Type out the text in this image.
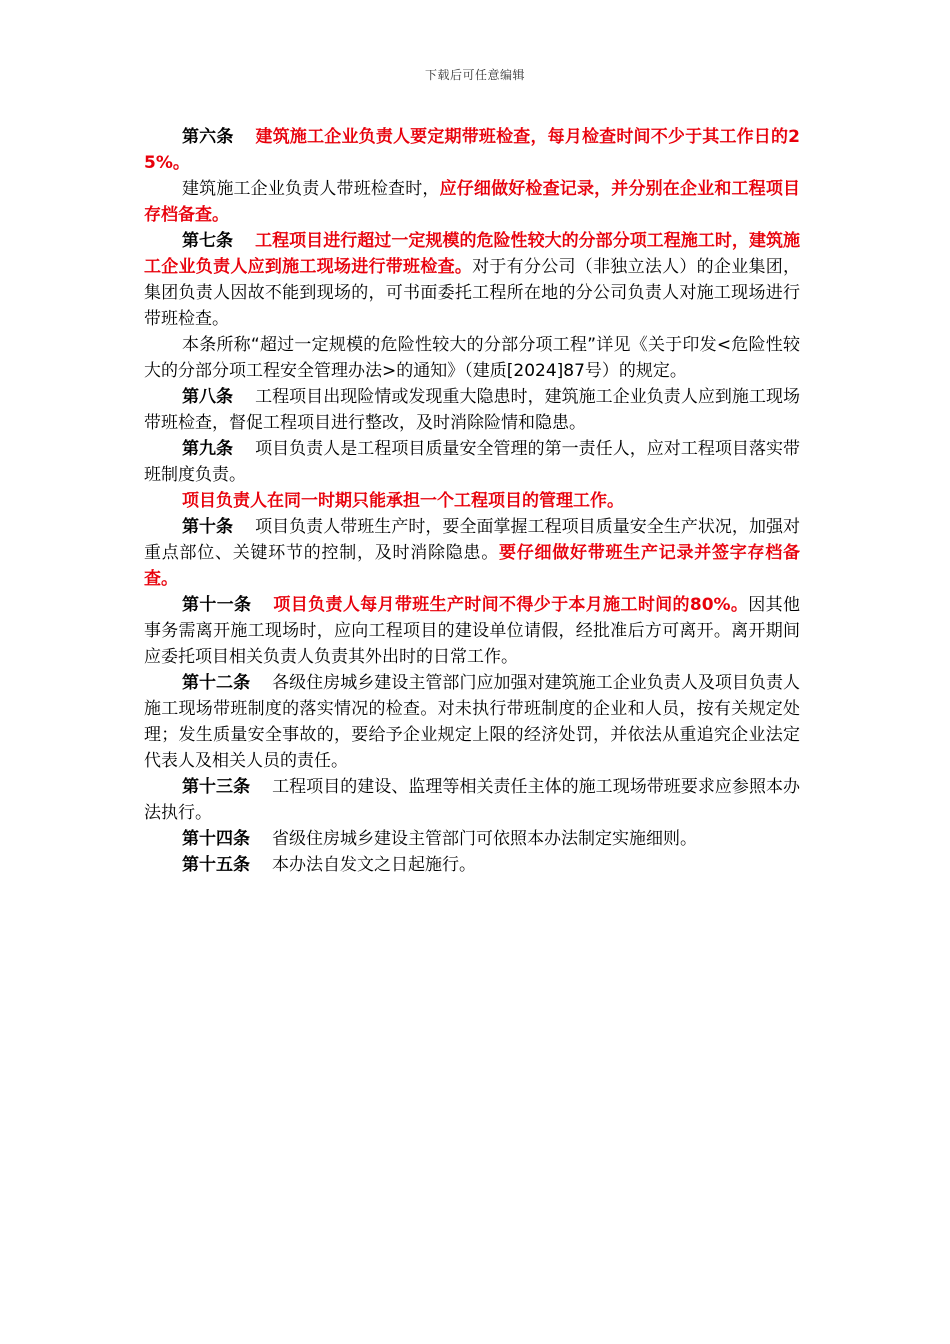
下载后可任意编辑

第六条 建筑施工企业负责人要定期带班检查，每月检查时间不少于其工作日的25%。

建筑施工企业负责人带班检查时，应仔细做好检查记录，并分别在企业和工程项目存档备查。

第七条 工程项目进行超过一定规模的危险性较大的分部分项工程施工时，建筑施工企业负责人应到施工现场进行带班检查。对于有分公司（非独立法人）的企业集团，集团负责人因故不能到现场的，可书面委托工程所在地的分公司负责人对施工现场进行带班检查。

本条所称“超过一定规模的危险性较大的分部分项工程”详见《关于印发<危险性较大的分部分项工程安全管理办法>的通知》（建质[2024]87号）的规定。

第八条 工程项目出现险情或发现重大隐患时，建筑施工企业负责人应到施工现场带班检查，督促工程项目进行整改，及时消除险情和隐患。

第九条 项目负责人是工程项目质量安全管理的第一责任人，应对工程项目落实带班制度负责。

项目负责人在同一时期只能承担一个工程项目的管理工作。

第十条 项目负责人带班生产时，要全面掌握工程项目质量安全生产状况，加强对重点部位、关键环节的控制，及时消除隐患。要仔细做好带班生产记录并签字存档备查。

第十一条 项目负责人每月带班生产时间不得少于本月施工时间的80%。因其他事务需离开施工现场时，应向工程项目的建设单位请假，经批准后方可离开。离开期间应委托项目相关负责人负责其外出时的日常工作。

第十二条 各级住房城乡建设主管部门应加强对建筑施工企业负责人及项目负责人施工现场带班制度的落实情况的检查。对未执行带班制度的企业和人员，按有关规定处理；发生质量安全事故的，要给予企业规定上限的经济处罚，并依法从重追究企业法定代表人及相关人员的责任。

第十三条 工程项目的建设、监理等相关责任主体的施工现场带班要求应参照本办法执行。

第十四条 省级住房城乡建设主管部门可依照本办法制定实施细则。

第十五条 本办法自发文之日起施行。
